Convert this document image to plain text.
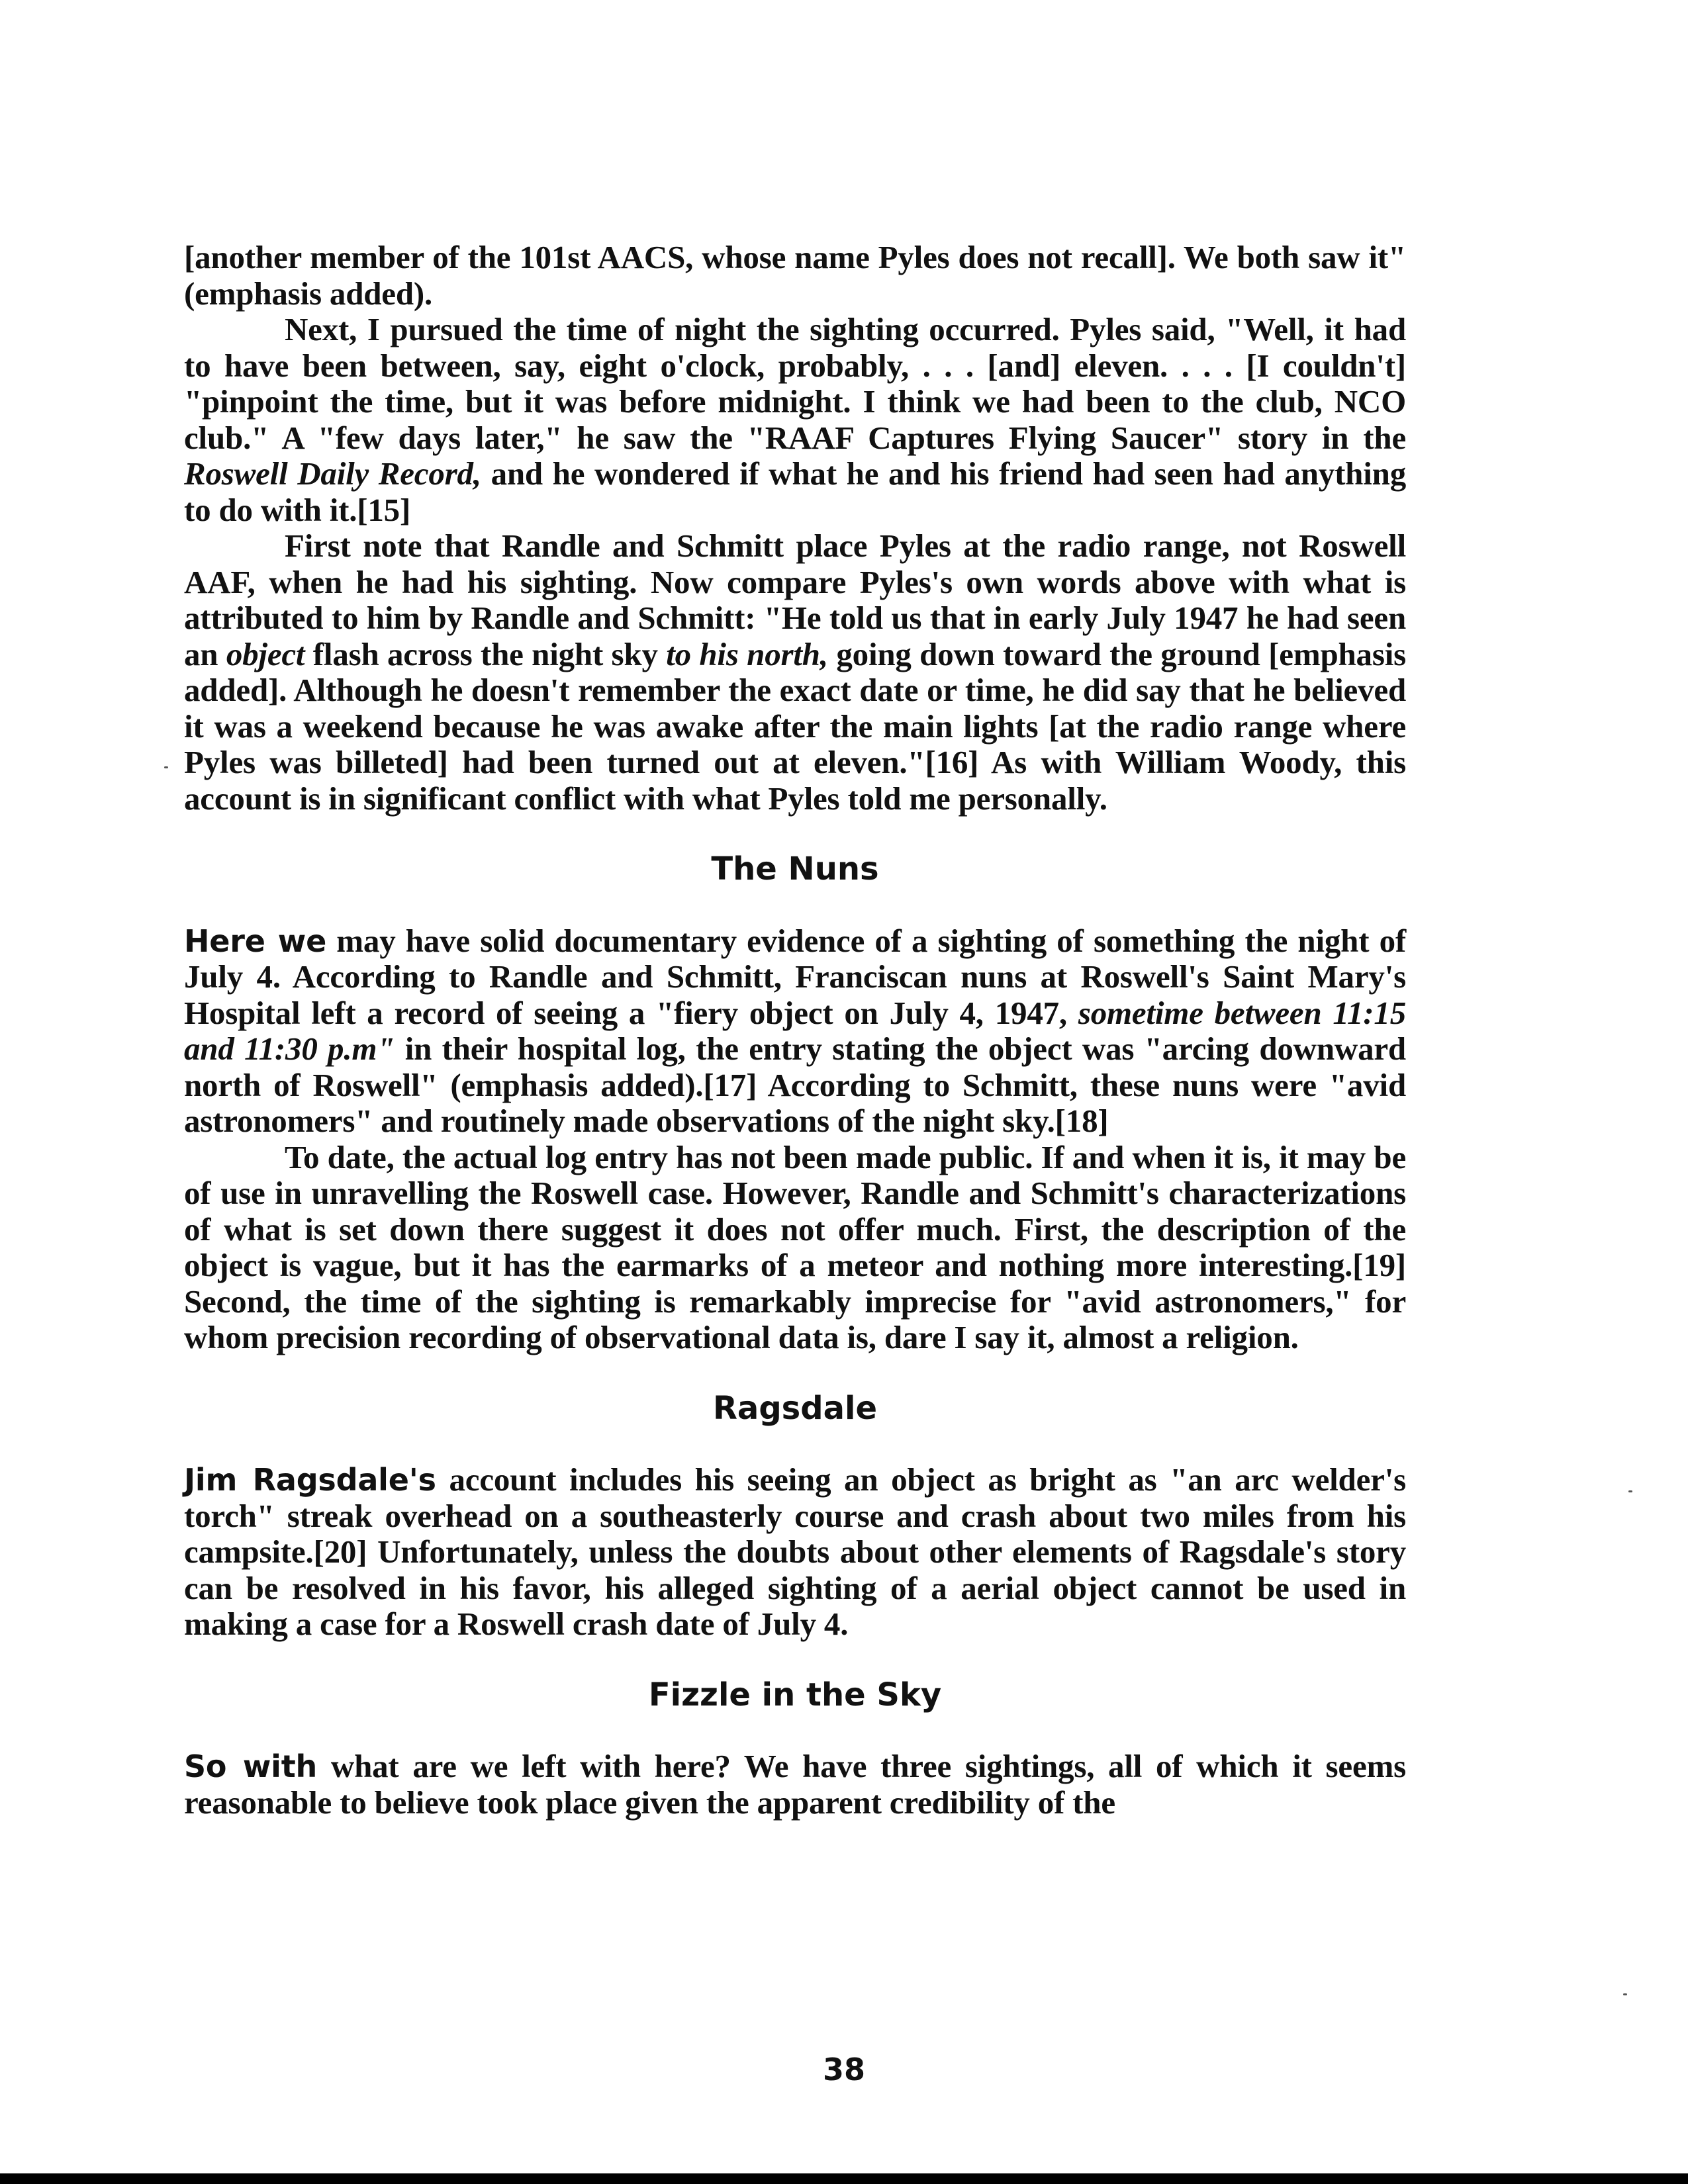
[another member of the 101st AACS, whose name Pyles does not recall]. We both saw it" (emphasis added).

Next, I pursued the time of night the sighting occurred. Pyles said, "Well, it had to have been between, say, eight o'clock, probably, . . . [and] eleven. . . . [I couldn't] "pinpoint the time, but it was before midnight. I think we had been to the club, NCO club." A "few days later," he saw the "RAAF Captures Flying Saucer" story in the Roswell Daily Record, and he wondered if what he and his friend had seen had anything to do with it.[15]

First note that Randle and Schmitt place Pyles at the radio range, not Roswell AAF, when he had his sighting. Now compare Pyles's own words above with what is attributed to him by Randle and Schmitt: "He told us that in early July 1947 he had seen an object flash across the night sky to his north, going down toward the ground [emphasis added]. Although he doesn't remember the exact date or time, he did say that he believed it was a weekend because he was awake after the main lights [at the radio range where Pyles was billeted] had been turned out at eleven."[16] As with William Woody, this account is in significant conflict with what Pyles told me personally.

The Nuns

Here we may have solid documentary evidence of a sighting of something the night of July 4. According to Randle and Schmitt, Franciscan nuns at Roswell's Saint Mary's Hospital left a record of seeing a "fiery object on July 4, 1947, sometime between 11:15 and 11:30 p.m" in their hospital log, the entry stating the object was "arcing downward north of Roswell" (emphasis added).[17] According to Schmitt, these nuns were "avid astronomers" and routinely made observations of the night sky.[18]

To date, the actual log entry has not been made public. If and when it is, it may be of use in unravelling the Roswell case. However, Randle and Schmitt's characterizations of what is set down there suggest it does not offer much. First, the description of the object is vague, but it has the earmarks of a meteor and nothing more interesting.[19] Second, the time of the sighting is remarkably imprecise for "avid astronomers," for whom precision recording of observational data is, dare I say it, almost a religion.

Ragsdale

Jim Ragsdale's account includes his seeing an object as bright as "an arc welder's torch" streak overhead on a southeasterly course and crash about two miles from his campsite.[20] Unfortunately, unless the doubts about other elements of Ragsdale's story can be resolved in his favor, his alleged sighting of a aerial object cannot be used in making a case for a Roswell crash date of July 4.

Fizzle in the Sky

So with what are we left with here? We have three sightings, all of which it seems reasonable to believe took place given the apparent credibility of the

38
